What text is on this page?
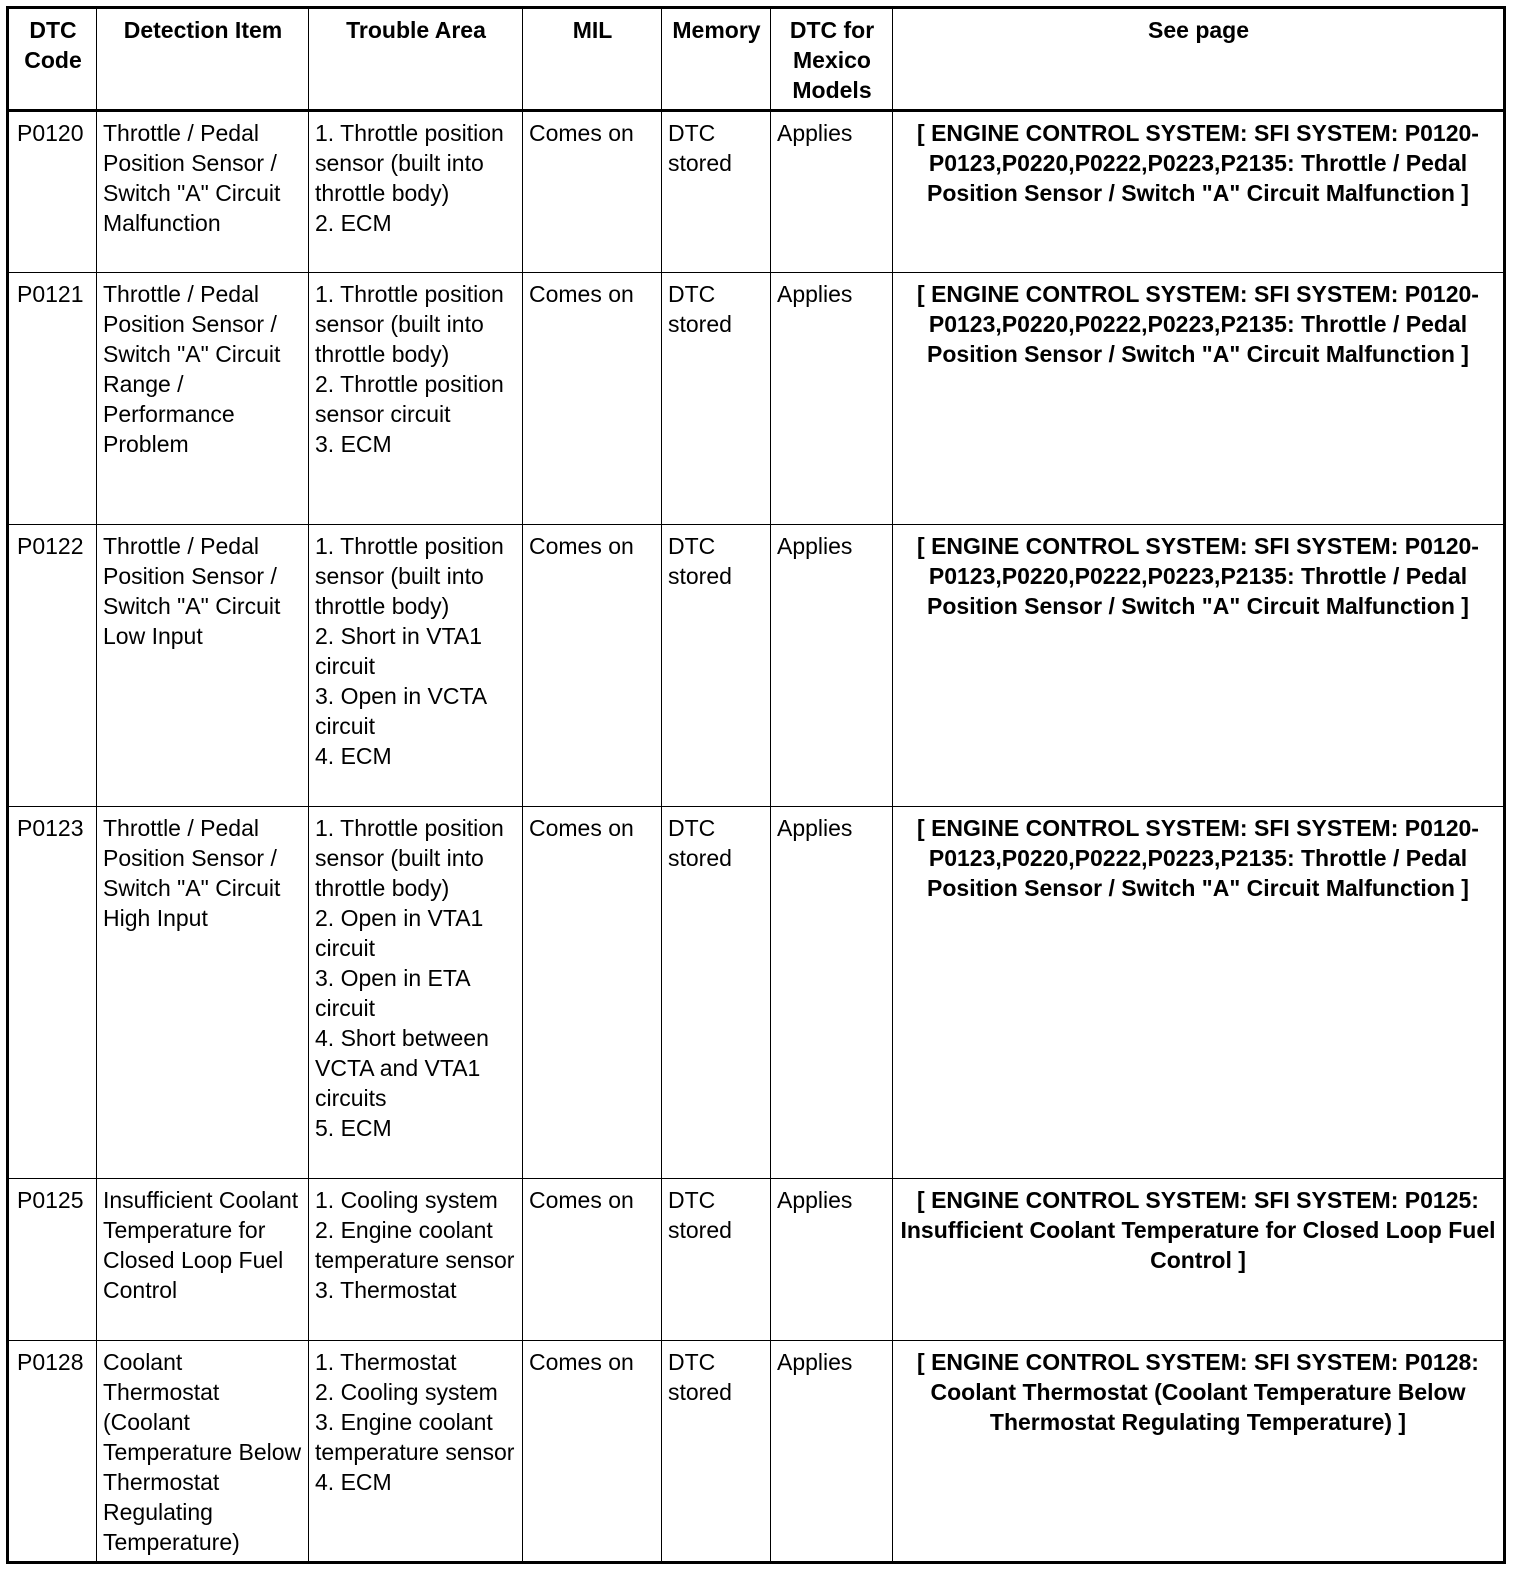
DTC Code	Detection Item	Trouble Area	MIL	Memory	DTC for Mexico Models	See page
P0120	Throttle / Pedal Position Sensor / Switch "A" Circuit Malfunction	1. Throttle position sensor (built into throttle body)
2. ECM	Comes on	DTC stored	Applies	[ ENGINE CONTROL SYSTEM: SFI SYSTEM: P0120-P0123,P0220,P0222,P0223,P2135: Throttle / Pedal Position Sensor / Switch "A" Circuit Malfunction ]
P0121	Throttle / Pedal Position Sensor / Switch "A" Circuit Range / Performance Problem	1. Throttle position sensor (built into throttle body)
2. Throttle position sensor circuit
3. ECM	Comes on	DTC stored	Applies	[ ENGINE CONTROL SYSTEM: SFI SYSTEM: P0120-P0123,P0220,P0222,P0223,P2135: Throttle / Pedal Position Sensor / Switch "A" Circuit Malfunction ]
P0122	Throttle / Pedal Position Sensor / Switch "A" Circuit Low Input	1. Throttle position sensor (built into throttle body)
2. Short in VTA1 circuit
3. Open in VCTA circuit
4. ECM	Comes on	DTC stored	Applies	[ ENGINE CONTROL SYSTEM: SFI SYSTEM: P0120-P0123,P0220,P0222,P0223,P2135: Throttle / Pedal Position Sensor / Switch "A" Circuit Malfunction ]
P0123	Throttle / Pedal Position Sensor / Switch "A" Circuit High Input	1. Throttle position sensor (built into throttle body)
2. Open in VTA1 circuit
3. Open in ETA circuit
4. Short between VCTA and VTA1 circuits
5. ECM	Comes on	DTC stored	Applies	[ ENGINE CONTROL SYSTEM: SFI SYSTEM: P0120-P0123,P0220,P0222,P0223,P2135: Throttle / Pedal Position Sensor / Switch "A" Circuit Malfunction ]
P0125	Insufficient Coolant Temperature for Closed Loop Fuel Control	1. Cooling system
2. Engine coolant temperature sensor
3. Thermostat	Comes on	DTC stored	Applies	[ ENGINE CONTROL SYSTEM: SFI SYSTEM: P0125: Insufficient Coolant Temperature for Closed Loop Fuel Control ]
P0128	Coolant Thermostat (Coolant Temperature Below Thermostat Regulating Temperature)	1. Thermostat
2. Cooling system
3. Engine coolant temperature sensor
4. ECM	Comes on	DTC stored	Applies	[ ENGINE CONTROL SYSTEM: SFI SYSTEM: P0128: Coolant Thermostat (Coolant Temperature Below Thermostat Regulating Temperature) ]
